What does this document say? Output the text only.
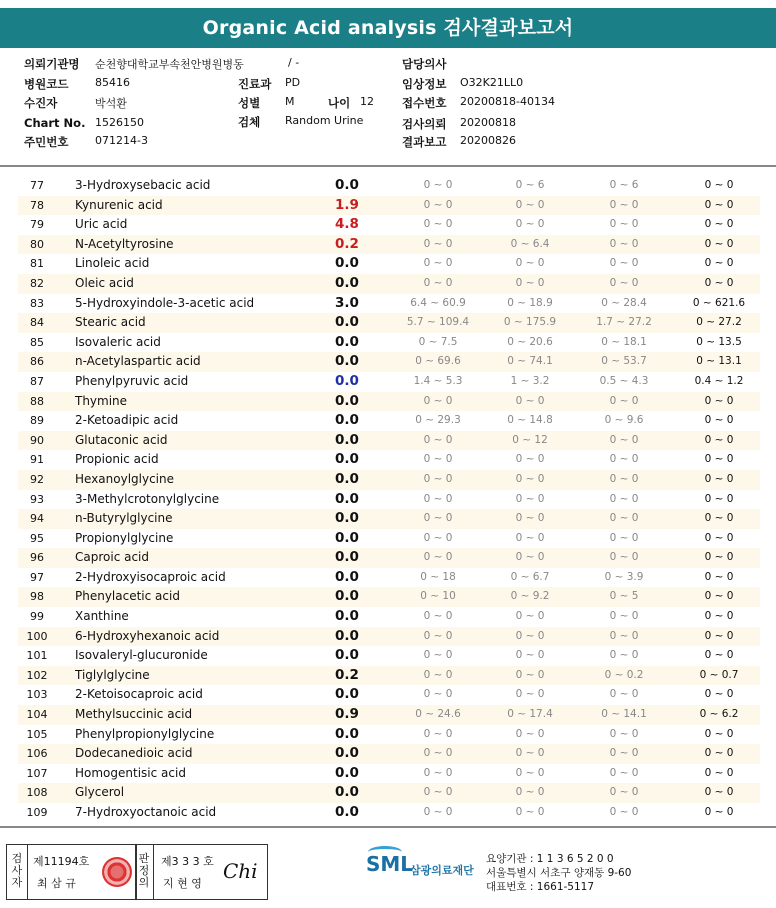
Organic Acid analysis 검사결과보고서
의뢰기관명 순천향대학교부속천안병원병동	/ -	담당의사
병원코드 85416	진료과 PD	임상정보 O32K21LL0
수진자	박석환	성별 M	나이 12 접수번호 20200818-40134
Chart No. 1526150	검체 Random Urine	검사의뢰 20200818
주민번호 071214-3	결과보고 20200826
77	3-Hydroxysebacic acid	0.0	0 ~ 0	0 ~ 6	0 ~ 6	0 ~ 0
78	Kynurenic acid	1.9	0 ~ 0	0 ~ 0	0 ~ 0	0 ~ 0
79	Uric acid	4.8	0 ~ 0	0 ~ 0	0 ~ 0	0 ~ 0
80	N-Acetyltyrosine	0.2	0 ~ 0	0 ~ 6.4	0 ~ 0	0 ~ 0
81	Linoleic acid	0.0	0 ~ 0	0 ~ 0	0 ~ 0	0 ~ 0
82	Oleic acid	0.0	0 ~ 0	0 ~ 0	0 ~ 0	0 ~ 0
83	5-Hydroxyindole-3-acetic acid	3.0	6.4 ~ 60.9	0 ~ 18.9	0 ~ 28.4	0 ~ 621.6
84	Stearic acid	0.0	5.7 ~ 109.4	0 ~ 175.9	1.7 ~ 27.2	0 ~ 27.2
85	Isovaleric acid	0.0	0 ~ 7.5	0 ~ 20.6	0 ~ 18.1	0 ~ 13.5
86	n-Acetylaspartic acid	0.0	0 ~ 69.6	0 ~ 74.1	0 ~ 53.7	0 ~ 13.1
87	Phenylpyruvic acid	0.0	1.4 ~ 5.3	1 ~ 3.2	0.5 ~ 4.3	0.4 ~ 1.2
88	Thymine	0.0	0 ~ 0	0 ~ 0	0 ~ 0	0 ~ 0
89	2-Ketoadipic acid	0.0	0 ~ 29.3	0 ~ 14.8	0 ~ 9.6	0 ~ 0
90	Glutaconic acid	0.0	0 ~ 0	0 ~ 12	0 ~ 0	0 ~ 0
91	Propionic acid	0.0	0 ~ 0	0 ~ 0	0 ~ 0	0 ~ 0
92	Hexanoylglycine	0.0	0 ~ 0	0 ~ 0	0 ~ 0	0 ~ 0
93	3-Methylcrotonylglycine	0.0	0 ~ 0	0 ~ 0	0 ~ 0	0 ~ 0
94	n-Butyrylglycine	0.0	0 ~ 0	0 ~ 0	0 ~ 0	0 ~ 0
95	Propionylglycine	0.0	0 ~ 0	0 ~ 0	0 ~ 0	0 ~ 0
96	Caproic acid	0.0	0 ~ 0	0 ~ 0	0 ~ 0	0 ~ 0
97	2-Hydroxyisocaproic acid	0.0	0 ~ 18	0 ~ 6.7	0 ~ 3.9	0 ~ 0
98	Phenylacetic acid	0.0	0 ~ 10	0 ~ 9.2	0 ~ 5	0 ~ 0
99	Xanthine	0.0	0 ~ 0	0 ~ 0	0 ~ 0	0 ~ 0
100	6-Hydroxyhexanoic acid	0.0	0 ~ 0	0 ~ 0	0 ~ 0	0 ~ 0
101	Isovaleryl-glucuronide	0.0	0 ~ 0	0 ~ 0	0 ~ 0	0 ~ 0
102	Tiglylglycine	0.2	0 ~ 0	0 ~ 0	0 ~ 0.2	0 ~ 0.7
103	2-Ketoisocaproic acid	0.0	0 ~ 0	0 ~ 0	0 ~ 0	0 ~ 0
104	Methylsuccinic acid	0.9	0 ~ 24.6	0 ~ 17.4	0 ~ 14.1	0 ~ 6.2
105	Phenylpropionylglycine	0.0	0 ~ 0	0 ~ 0	0 ~ 0	0 ~ 0
106	Dodecanedioic acid	0.0	0 ~ 0	0 ~ 0	0 ~ 0	0 ~ 0
107	Homogentisic acid	0.0	0 ~ 0	0 ~ 0	0 ~ 0	0 ~ 0
108	Glycerol	0.0	0 ~ 0	0 ~ 0	0 ~ 0	0 ~ 0
109	7-Hydroxyoctanoic acid	0.0	0 ~ 0	0 ~ 0	0 ~ 0	0 ~ 0
검
사
자
제11194호
최 삼 규
판
정
의
제3 3 3 호
지 현 영
Chi	SML
삼광의료재단
요양기관 : 1 1 3 6 5 2 0 0
서울특별시 서초구 양재동 9-60
대표번호 : 1661-5117
